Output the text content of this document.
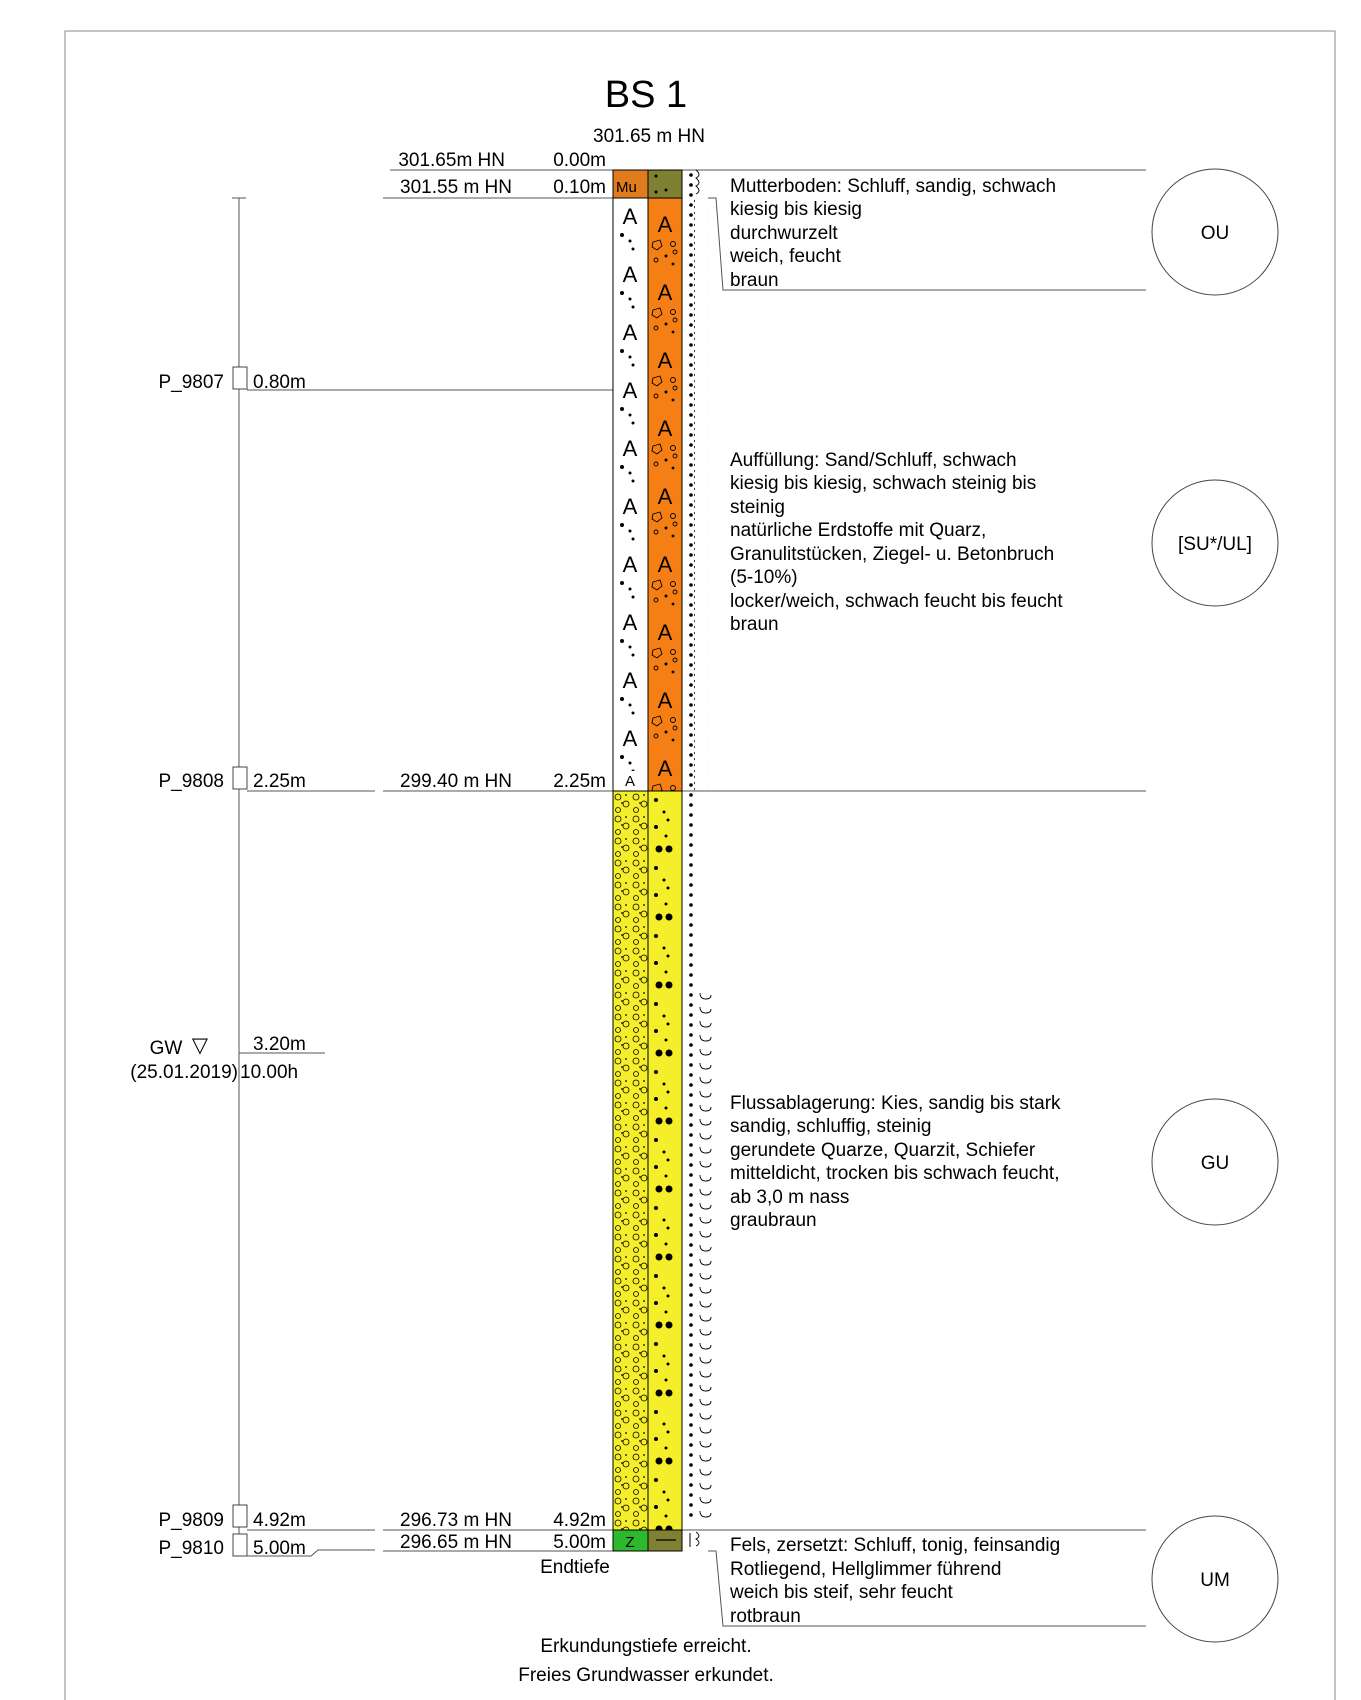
BS 1
301.65 m HN
P_9807 0.80m
P_9808 2.25m
GW ▽ 3.20m
(25.01.2019) 10.00h
P_9809 4.92m
P_9810 5.00m
301.65m HN	0.00m
301.55 m HN 0.10m
299.40 m HN 2.25m
296.73 m HN 4.92m
296.65 m HN 5.00m
Endtiefe
Mu
A
Z
Mutterboden: Schluff, sandig, schwach
kiesig bis kiesig
durchwurzelt
weich, feucht
braun
Auffüllung: Sand/Schluff, schwach
kiesig bis kiesig, schwach steinig bis
steinig
natürliche Erdstoffe mit Quarz,
Granulitstücken, Ziegel- u. Betonbruch
(5-10%)
locker/weich, schwach feucht bis feucht
braun
Flussablagerung: Kies, sandig bis stark
sandig, schluffig, steinig
gerundete Quarze, Quarzit, Schiefer
mitteldicht, trocken bis schwach feucht,
ab 3,0 m nass
graubraun
Fels, zersetzt: Schluff, tonig, feinsandig
Rotliegend, Hellglimmer führend
weich bis steif, sehr feucht
rotbraun
OU
[SU*/UL]
GU
UM
Erkundungstiefe erreicht.
Freies Grundwasser erkundet.
